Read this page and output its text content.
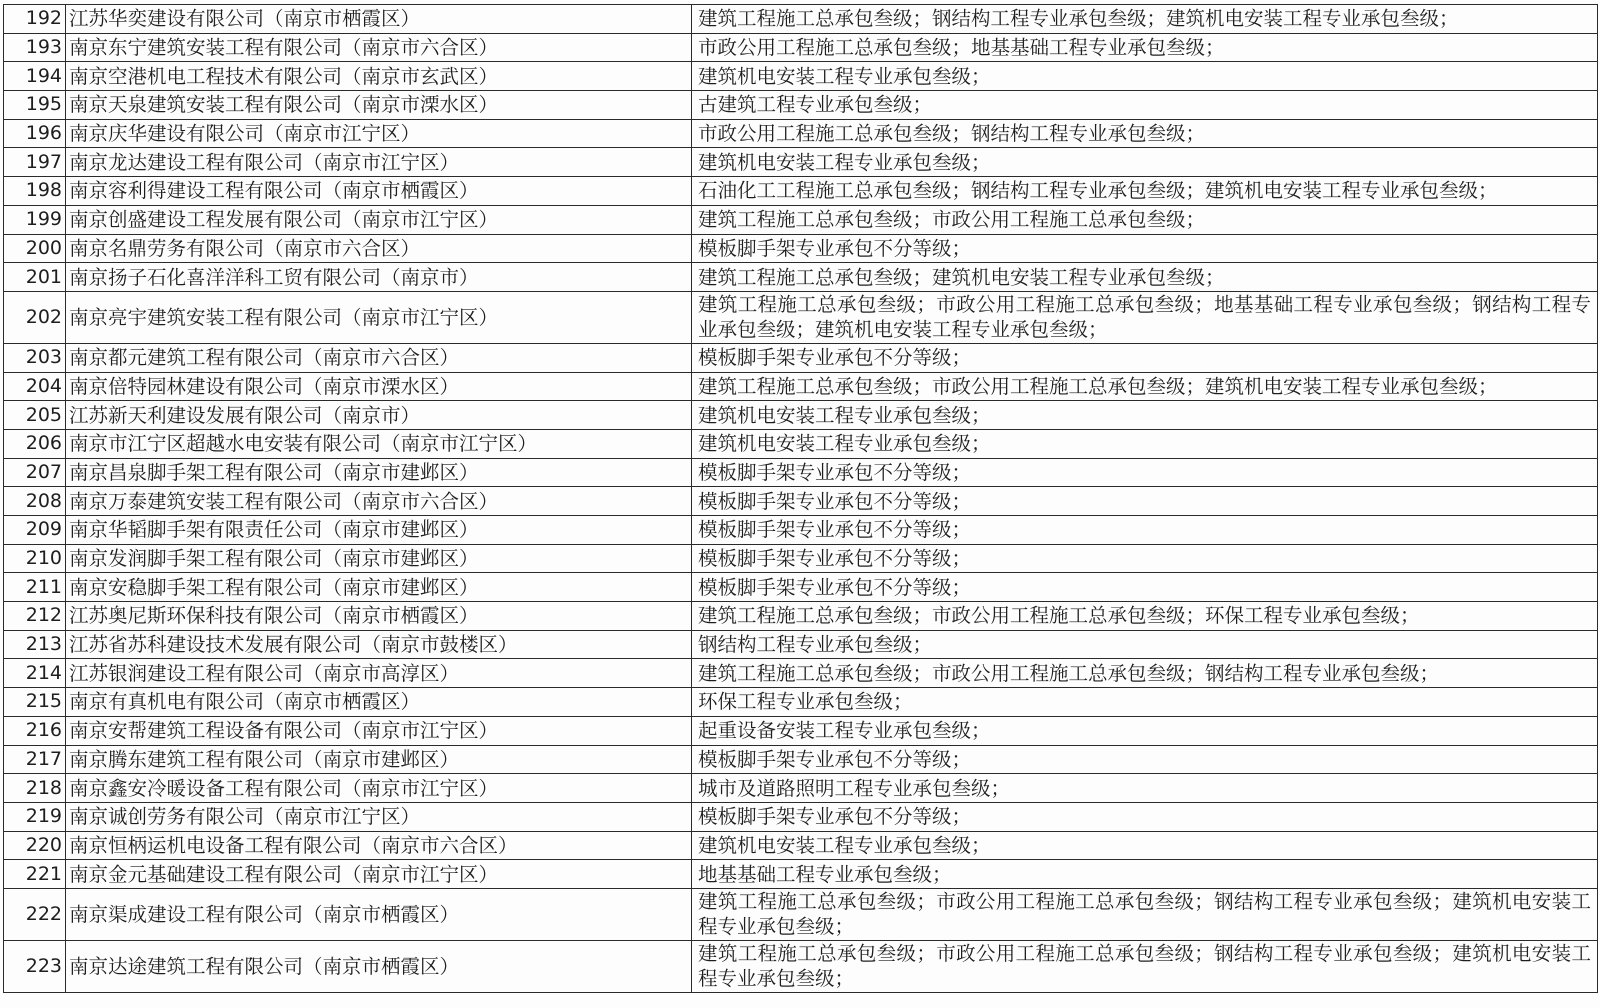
192	江苏华奕建设有限公司（南京市栖霞区）	建筑工程施工总承包叁级；钢结构工程专业承包叁级；建筑机电安装工程专业承包叁级；
193	南京东宁建筑安装工程有限公司（南京市六合区）	市政公用工程施工总承包叁级；地基基础工程专业承包叁级；
194	南京空港机电工程技术有限公司（南京市玄武区）	建筑机电安装工程专业承包叁级；
195	南京天泉建筑安装工程有限公司（南京市溧水区）	古建筑工程专业承包叁级；
196	南京庆华建设有限公司（南京市江宁区）	市政公用工程施工总承包叁级；钢结构工程专业承包叁级；
197	南京龙达建设工程有限公司（南京市江宁区）	建筑机电安装工程专业承包叁级；
198	南京容利得建设工程有限公司（南京市栖霞区）	石油化工工程施工总承包叁级；钢结构工程专业承包叁级；建筑机电安装工程专业承包叁级；
199	南京创盛建设工程发展有限公司（南京市江宁区）	建筑工程施工总承包叁级；市政公用工程施工总承包叁级；
200	南京名鼎劳务有限公司（南京市六合区）	模板脚手架专业承包不分等级；
201	南京扬子石化喜洋洋科工贸有限公司（南京市）	建筑工程施工总承包叁级；建筑机电安装工程专业承包叁级；
202	南京亮宇建筑安装工程有限公司（南京市江宁区）	建筑工程施工总承包叁级；市政公用工程施工总承包叁级；地基基础工程专业承包叁级；钢结构工程专业承包叁级；建筑机电安装工程专业承包叁级；
203	南京都元建筑工程有限公司（南京市六合区）	模板脚手架专业承包不分等级；
204	南京倍特园林建设有限公司（南京市溧水区）	建筑工程施工总承包叁级；市政公用工程施工总承包叁级；建筑机电安装工程专业承包叁级；
205	江苏新天利建设发展有限公司（南京市）	建筑机电安装工程专业承包叁级；
206	南京市江宁区超越水电安装有限公司（南京市江宁区）	建筑机电安装工程专业承包叁级；
207	南京昌泉脚手架工程有限公司（南京市建邺区）	模板脚手架专业承包不分等级；
208	南京万泰建筑安装工程有限公司（南京市六合区）	模板脚手架专业承包不分等级；
209	南京华韬脚手架有限责任公司（南京市建邺区）	模板脚手架专业承包不分等级；
210	南京发润脚手架工程有限公司（南京市建邺区）	模板脚手架专业承包不分等级；
211	南京安稳脚手架工程有限公司（南京市建邺区）	模板脚手架专业承包不分等级；
212	江苏奥尼斯环保科技有限公司（南京市栖霞区）	建筑工程施工总承包叁级；市政公用工程施工总承包叁级；环保工程专业承包叁级；
213	江苏省苏科建设技术发展有限公司（南京市鼓楼区）	钢结构工程专业承包叁级；
214	江苏银润建设工程有限公司（南京市高淳区）	建筑工程施工总承包叁级；市政公用工程施工总承包叁级；钢结构工程专业承包叁级；
215	南京有真机电有限公司（南京市栖霞区）	环保工程专业承包叁级；
216	南京安帮建筑工程设备有限公司（南京市江宁区）	起重设备安装工程专业承包叁级；
217	南京腾东建筑工程有限公司（南京市建邺区）	模板脚手架专业承包不分等级；
218	南京鑫安冷暖设备工程有限公司（南京市江宁区）	城市及道路照明工程专业承包叁级；
219	南京诚创劳务有限公司（南京市江宁区）	模板脚手架专业承包不分等级；
220	南京恒柄运机电设备工程有限公司（南京市六合区）	建筑机电安装工程专业承包叁级；
221	南京金元基础建设工程有限公司（南京市江宁区）	地基基础工程专业承包叁级；
222	南京渠成建设工程有限公司（南京市栖霞区）	建筑工程施工总承包叁级；市政公用工程施工总承包叁级；钢结构工程专业承包叁级；建筑机电安装工程专业承包叁级；
223	南京达途建筑工程有限公司（南京市栖霞区）	建筑工程施工总承包叁级；市政公用工程施工总承包叁级；钢结构工程专业承包叁级；建筑机电安装工程专业承包叁级；
